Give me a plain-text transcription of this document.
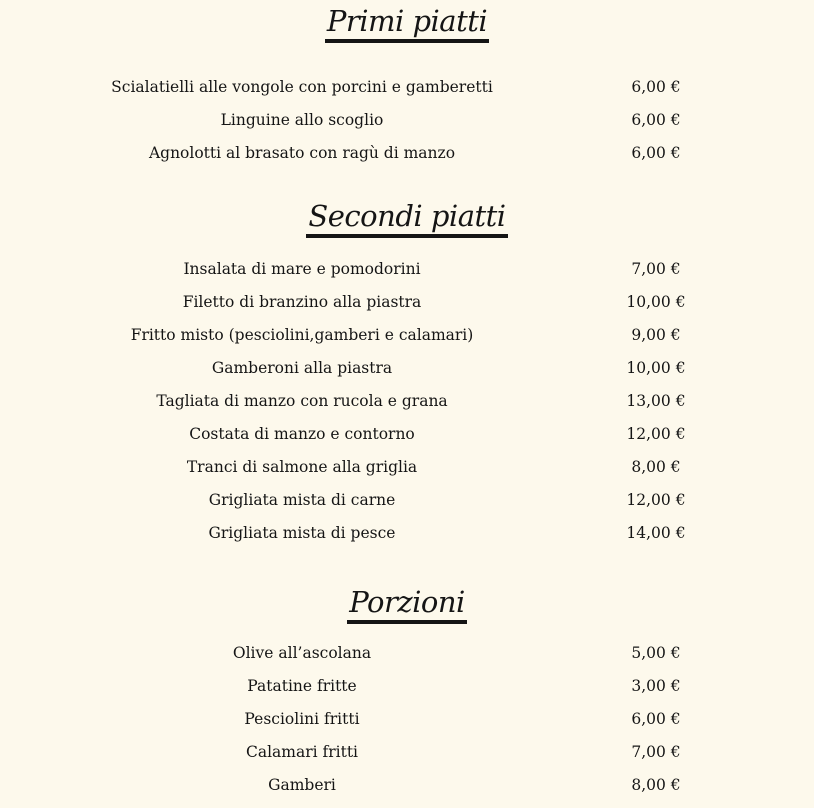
Primi piatti
Scialatielli alle vongole con porcini e gamberetti	6,00 €
Linguine allo scoglio	6,00 €
Agnolotti al brasato con ragù di manzo	6,00 €
Secondi piatti
Insalata di mare e pomodorini	7,00 €
Filetto di branzino alla piastra	10,00 €
Fritto misto (pesciolini,gamberi e calamari)	9,00 €
Gamberoni alla piastra	10,00 €
Tagliata di manzo con rucola e grana	13,00 €
Costata di manzo e contorno	12,00 €
Tranci di salmone alla griglia	8,00 €
Grigliata mista di carne	12,00 €
Grigliata mista di pesce	14,00 €
Porzioni
Olive all’ascolana	5,00 €
Patatine fritte	3,00 €
Pesciolini fritti	6,00 €
Calamari fritti	7,00 €
Gamberi	8,00 €
